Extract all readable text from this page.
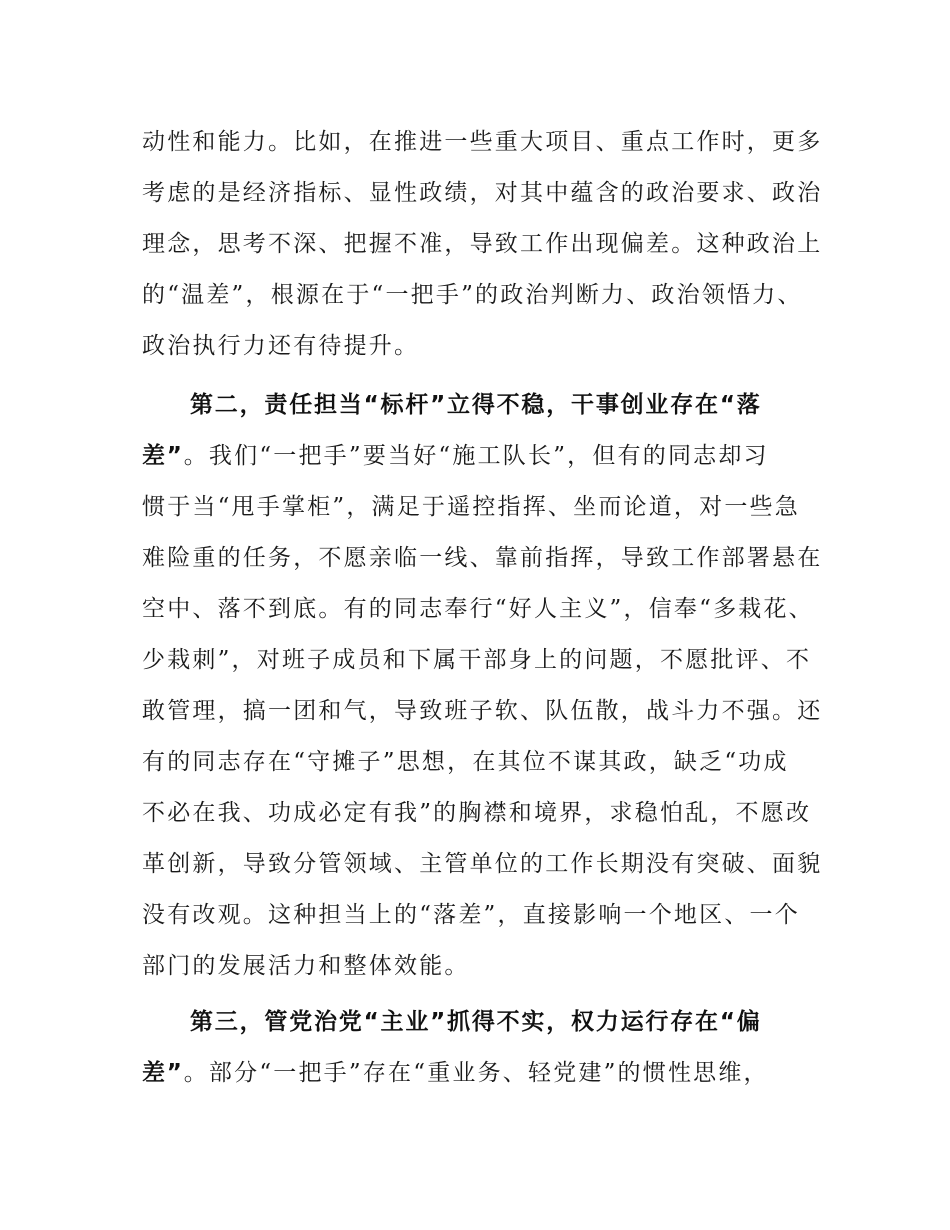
动性和能力。比如，在推进一些重大项目、重点工作时，更多
考虑的是经济指标、显性政绩，对其中蕴含的政治要求、政治
理念，思考不深、把握不准，导致工作出现偏差。这种政治上
的“温差”，根源在于“一把手”的政治判断力、政治领悟力、
政治执行力还有待提升。
第二，责任担当“标杆”立得不稳，干事创业存在“落
差”。我们“一把手”要当好“施工队长”，但有的同志却习
惯于当“甩手掌柜”，满足于遥控指挥、坐而论道，对一些急
难险重的任务，不愿亲临一线、靠前指挥，导致工作部署悬在
空中、落不到底。有的同志奉行“好人主义”，信奉“多栽花、
少栽刺”，对班子成员和下属干部身上的问题，不愿批评、不
敢管理，搞一团和气，导致班子软、队伍散，战斗力不强。还
有的同志存在“守摊子”思想，在其位不谋其政，缺乏“功成
不必在我、功成必定有我”的胸襟和境界，求稳怕乱，不愿改
革创新，导致分管领域、主管单位的工作长期没有突破、面貌
没有改观。这种担当上的“落差”，直接影响一个地区、一个
部门的发展活力和整体效能。
第三，管党治党“主业”抓得不实，权力运行存在“偏
差”。部分“一把手”存在“重业务、轻党建”的惯性思维，
